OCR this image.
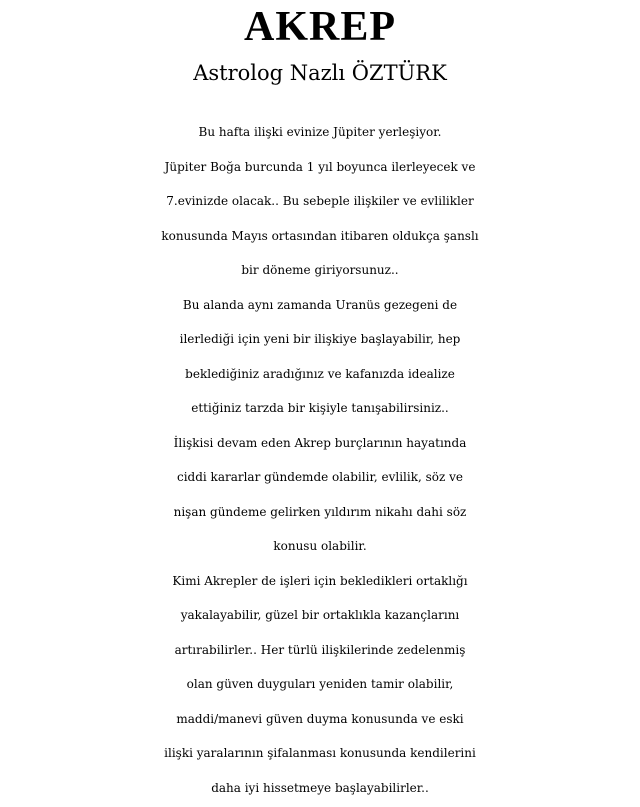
AKREP
Astrolog Nazlı ÖZTÜRK
Bu hafta ilişki evinize Jüpiter yerleşiyor.
Jüpiter Boğa burcunda 1 yıl boyunca ilerleyecek ve
7.evinizde olacak.. Bu sebeple ilişkiler ve evlilikler
konusunda Mayıs ortasından itibaren oldukça şanslı
bir döneme giriyorsunuz..
Bu alanda aynı zamanda Uranüs gezegeni de
ilerlediği için yeni bir ilişkiye başlayabilir, hep
beklediğiniz aradığınız ve kafanızda idealize
ettiğiniz tarzda bir kişiyle tanışabilirsiniz..
İlişkisi devam eden Akrep burçlarının hayatında
ciddi kararlar gündemde olabilir, evlilik, söz ve
nişan gündeme gelirken yıldırım nikahı dahi söz
konusu olabilir.
Kimi Akrepler de işleri için bekledikleri ortaklığı
yakalayabilir, güzel bir ortaklıkla kazançlarını
artırabilirler.. Her türlü ilişkilerinde zedelenmiş
olan güven duyguları yeniden tamir olabilir,
maddi/manevi güven duyma konusunda ve eski
ilişki yaralarının şifalanması konusunda kendilerini
daha iyi hissetmeye başlayabilirler..
